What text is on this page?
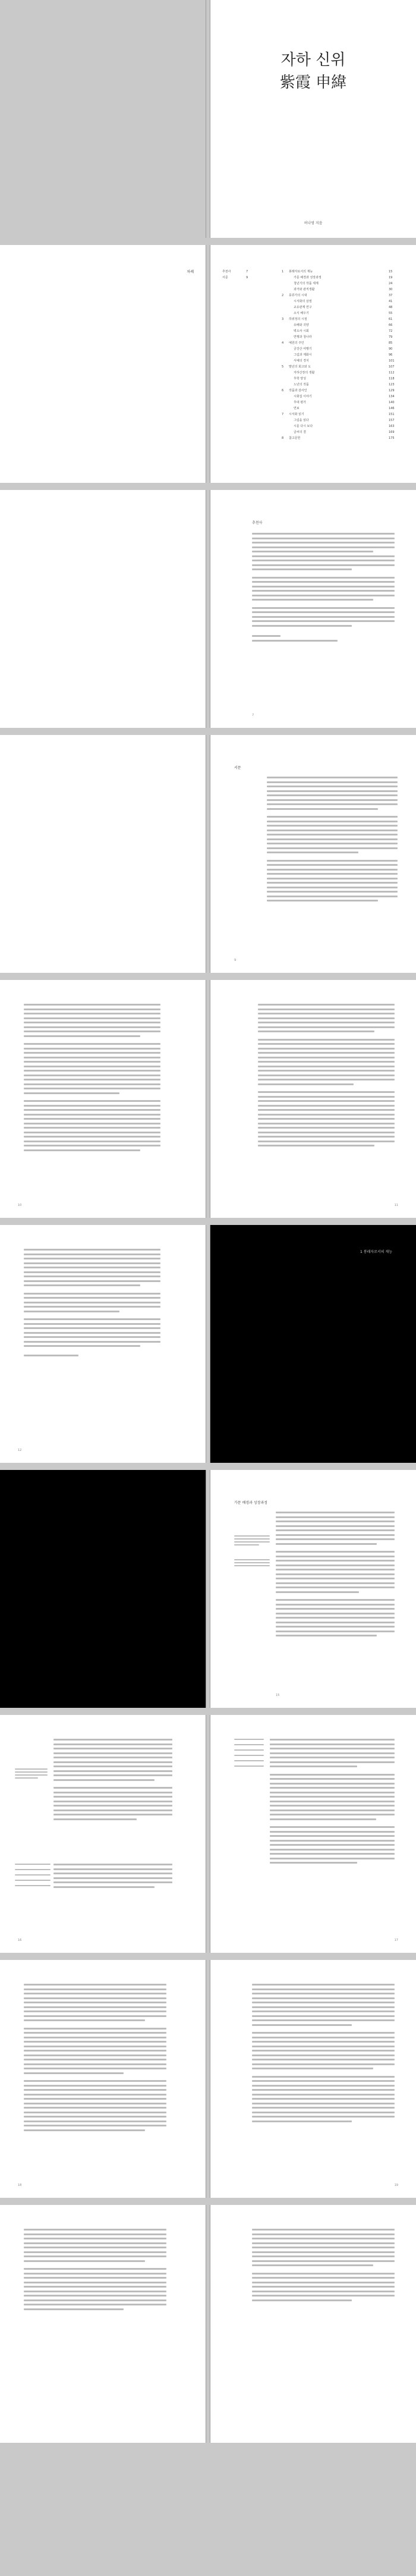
자하 신위
紫霞 申緯
허나영 지음
차례	추천사	7
서문	9
1 봉래자로서의 재능	15
가문 배경과 성장과정	19
청년기의 작품 세계	24
과거와 관직생활	30
2 풍류가의 시대	37
시서화의 삼절	41
교유관계 연구	48
소식 배우기	55
3 하위정의 시절	61
유배와 귀양	66
벽오사 시회	72
연행과 청나라	79
4 예원의 주인	85
금강산 여행기	90
그림과 제화시	96
서예의 경지	101
5 말년의 회고와 도	107
자하산장의 생활	112
후학 양성	118
노년의 작품	123
6 작품과 감사인	129
시화집 이야기	134
후대 평가	140
연보	146
7 시서화 읽기	151
그림을 읽다	157
시를 다시 보다	163
글씨의 결	169
8 참고문헌	175
추천사
7
서문
9
10	11
12
1 봉래자로서의 재능
가문 배경과 성장과정
15
16	17
18	19
